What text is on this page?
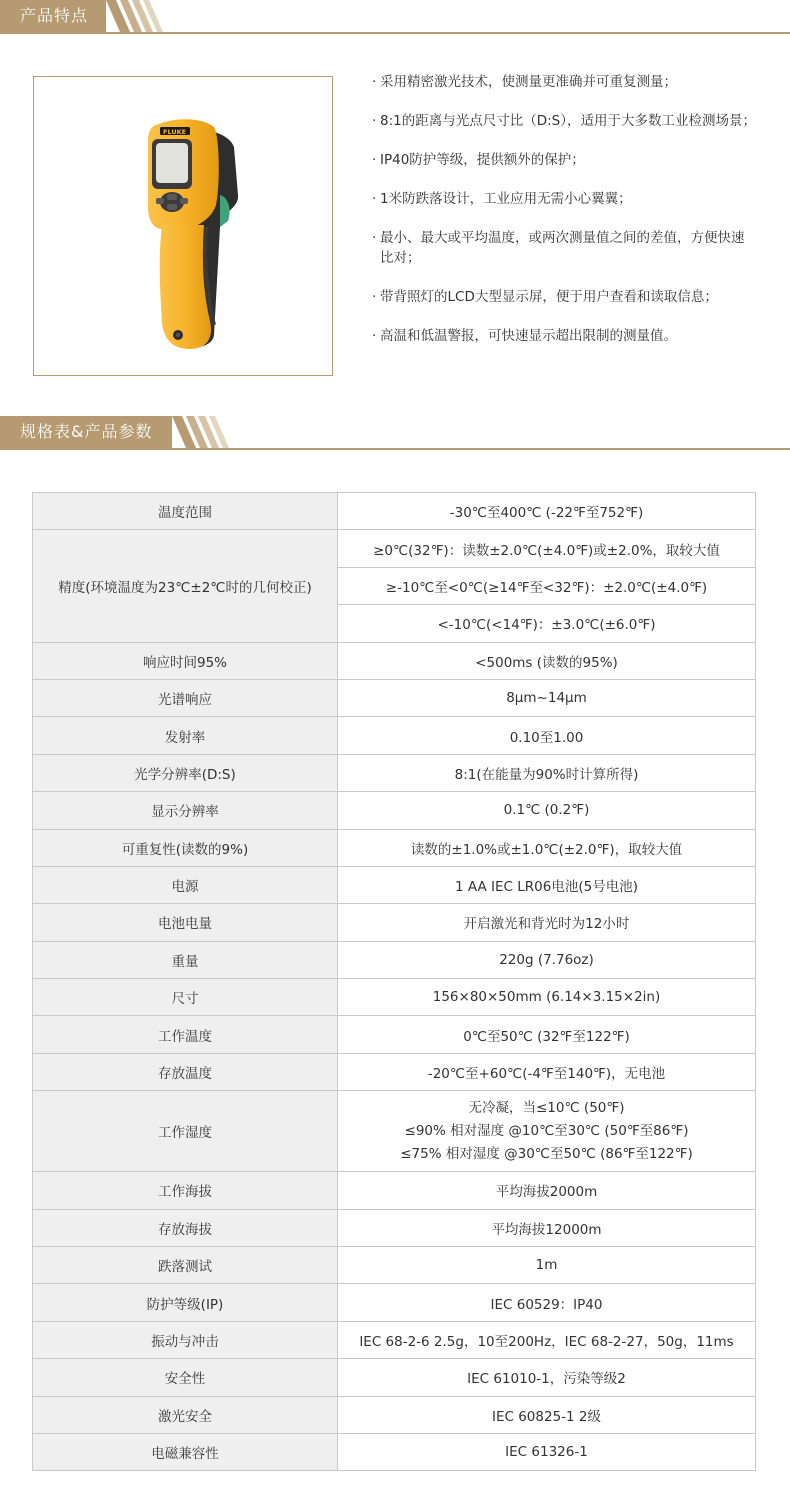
产品特点
FLUKE

· 采用精密激光技术，使测量更准确并可重复测量；

· 8:1的距离与光点尺寸比（D:S），适用于大多数工业检测场景；

· IP40防护等级，提供额外的保护；

· 1米防跌落设计，工业应用无需小心翼翼；

· 最小、最大或平均温度，或两次测量值之间的差值，方便快速比对；

· 带背照灯的LCD大型显示屏，便于用户查看和读取信息；

· 高温和低温警报，可快速显示超出限制的测量值。

规格表&产品参数
温度范围	-30℃至400℃ (-22℉至752℉)
精度(环境温度为23℃±2℃时的几何校正)	≥0℃(32℉)：读数±2.0℃(±4.0℉)或±2.0%，取较大值
	≥-10℃至<0℃(≥14℉至<32℉)：±2.0℃(±4.0℉)
	<-10℃(<14℉)：±3.0℃(±6.0℉)
响应时间95%	<500ms (读数的95%)
光谱响应	8μm~14μm
发射率	0.10至1.00
光学分辨率(D:S)	8:1(在能量为90%时计算所得)
显示分辨率	0.1℃ (0.2℉)
可重复性(读数的9%)	读数的±1.0%或±1.0℃(±2.0℉)，取较大值
电源	1 AA IEC LR06电池(5号电池)
电池电量	开启激光和背光时为12小时
重量	220g (7.76oz)
尺寸	156×80×50mm (6.14×3.15×2in)
工作温度	0℃至50℃ (32℉至122℉)
存放温度	-20℃至+60℃(-4℉至140℉)，无电池
工作湿度	无冷凝，当≤10℃ (50℉)
≤90% 相对湿度 @10℃至30℃ (50℉至86℉)
≤75% 相对湿度 @30℃至50℃ (86℉至122℉)

工作海拔	平均海拔2000m
存放海拔	平均海拔12000m
跌落测试	1m
防护等级(IP)	IEC 60529：IP40
振动与冲击	IEC 68-2-6 2.5g，10至200Hz，IEC 68-2-27，50g，11ms
安全性	IEC 61010-1，污染等级2
激光安全	IEC 60825-1 2级
电磁兼容性	IEC 61326-1
